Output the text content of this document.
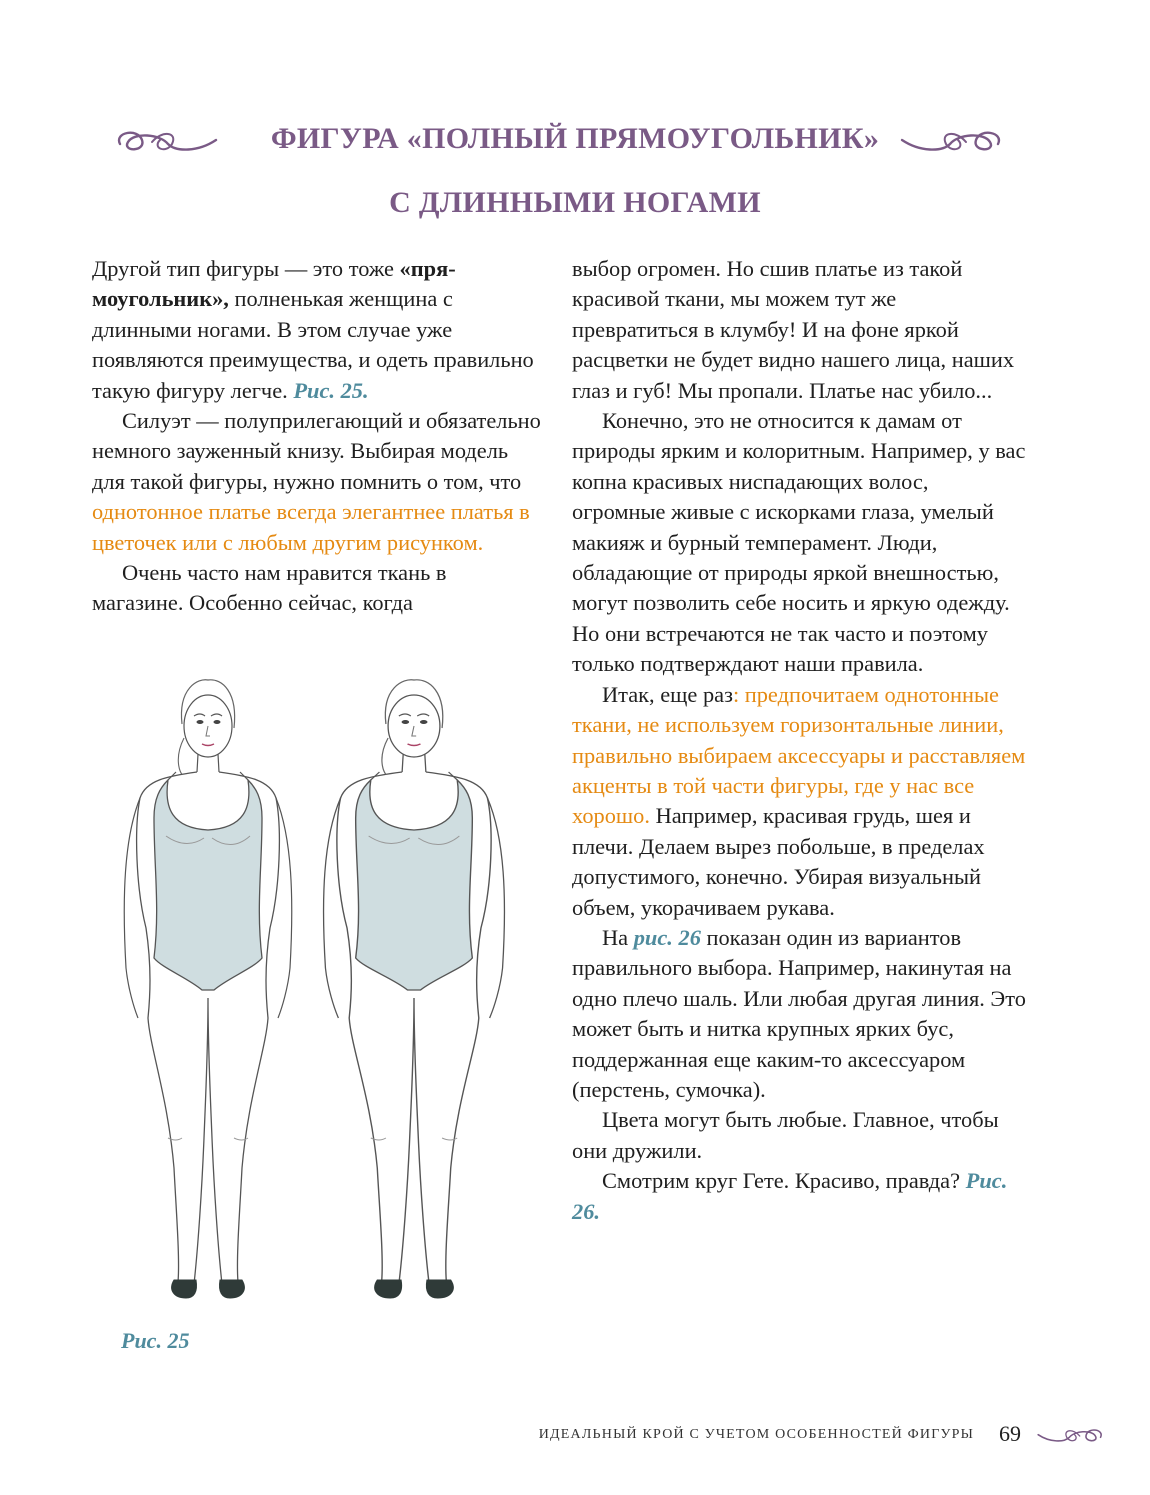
ФИГУРА «ПОЛНЫЙ ПРЯМОУГОЛЬНИК»
С ДЛИННЫМИ НОГАМИ

Другой тип фигуры — это тоже «прямоугольник», полненькая женщина с длинными ногами. В этом случае уже появляются преимущества, и одеть правильно такую фигуру легче. Рис. 25.

Силуэт — полуприлегающий и обязательно немного зауженный книзу. Выбирая модель для такой фигуры, нужно помнить о том, что однотонное платье всегда элегантнее платья в цветочек или с любым другим рисунком.

Очень часто нам нравится ткань в магазине. Особенно сейчас, когда

выбор огромен. Но сшив платье из такой красивой ткани, мы можем тут же превратиться в клумбу! И на фоне яркой расцветки не будет видно нашего лица, наших глаз и губ! Мы пропали. Платье нас убило...

Конечно, это не относится к дамам от природы ярким и колоритным. Например, у вас копна красивых ниспадающих волос, огромные живые с искорками глаза, умелый макияж и бурный темперамент. Люди, обладающие от природы яркой внешностью, могут позволить себе носить и яркую одежду. Но они встречаются не так часто и поэтому только подтверждают наши правила.

Итак, еще раз: предпочитаем однотонные ткани, не используем горизонтальные линии, правильно выбираем аксессуары и расставляем акценты в той части фигуры, где у нас все хорошо. Например, красивая грудь, шея и плечи. Делаем вырез побольше, в пределах допустимого, конечно. Убирая визуальный объем, укорачиваем рукава.

На рис. 26 показан один из вариантов правильного выбора. Например, накинутая на одно плечо шаль. Или любая другая линия. Это может быть и нитка крупных ярких бус, поддержанная еще каким-то аксессуаром (перстень, сумочка).

Цвета могут быть любые. Главное, чтобы они дружили.

Смотрим круг Гете. Красиво, правда? Рис. 26.

Рис. 25
ИДЕАЛЬНЫЙ КРОЙ С УЧЕТОМ ОСОБЕННОСТЕЙ ФИГУРЫ 69
